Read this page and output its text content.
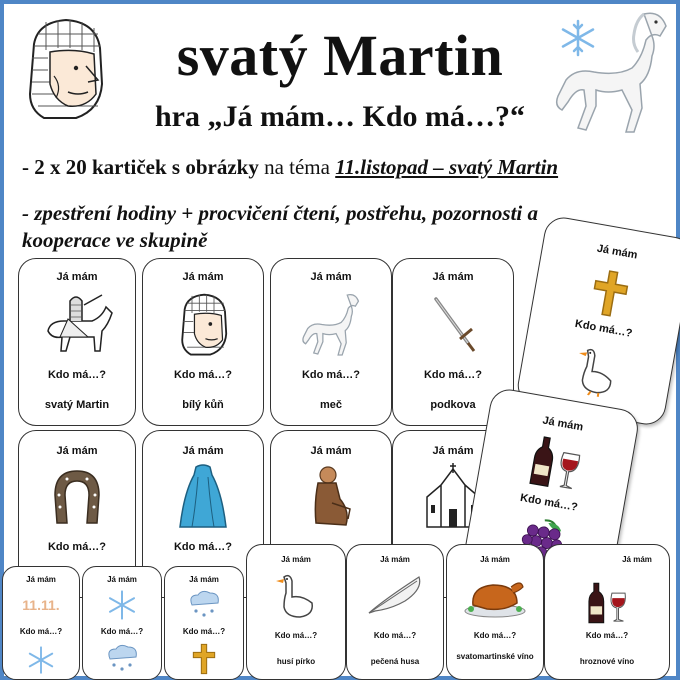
svatý Martin
hra „Já mám… Kdo má…?“
- 2 x 20 kartiček s obrázky na téma 11.listopad – svatý Martin
- zpestření hodiny + procvičení čtení, postřehu, pozornosti a kooperace ve skupině
Já mám
Kdo má…?
svatý Martin
Já mám
Kdo má…?
bílý kůň
Já mám
Kdo má…?
meč
Já mám
Kdo má…?
podkova
Já mám
Kdo má…?
Já mám
Kdo má…?
Já mám	Já mám
Já mám
Kdo má…?
Já mám
Kdo má…?
Já mám
11.11.
Kdo má…?
Já mám
Kdo má…?
Já mám
Kdo má…?
Já mám
Kdo má…?
husí pírko
Já mám
Kdo má…?
pečená husa
Já mám
Kdo má…?
svatomartinské víno
Já mám
Kdo má…?
hroznové víno
